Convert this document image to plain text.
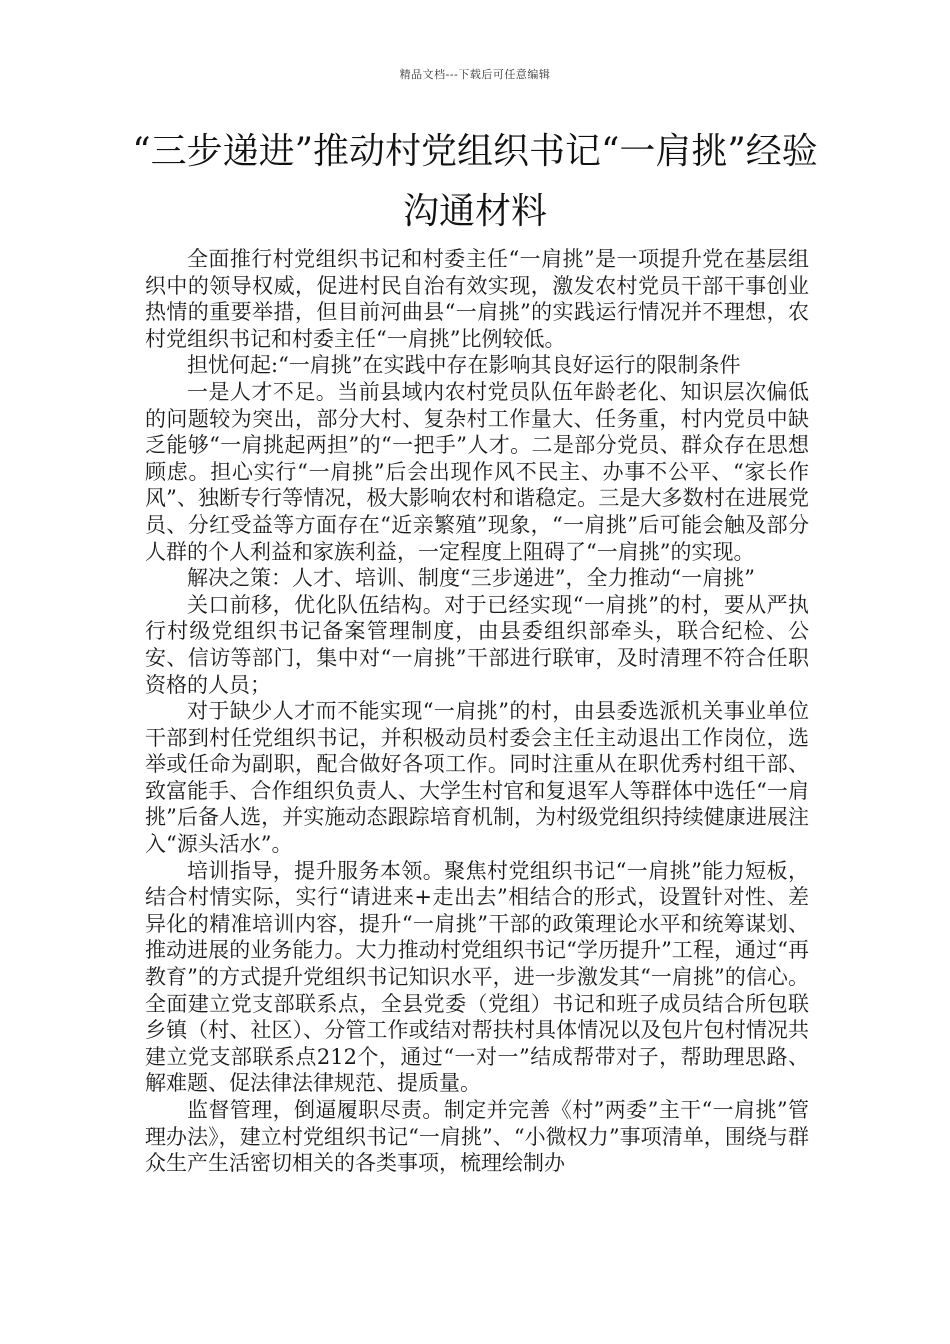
精品文档---下载后可任意编辑
“三步递进”推动村党组织书记“一肩挑”经验沟通材料

全面推行村党组织书记和村委主任“一肩挑”是一项提升党在基层组织中的领导权威，促进村民自治有效实现，激发农村党员干部干事创业热情的重要举措，但目前河曲县“一肩挑”的实践运行情况并不理想，农村党组织书记和村委主任“一肩挑”比例较低。

担忧何起:“一肩挑”在实践中存在影响其良好运行的限制条件

一是人才不足。当前县域内农村党员队伍年龄老化、知识层次偏低的问题较为突出，部分大村、复杂村工作量大、任务重，村内党员中缺乏能够“一肩挑起两担”的“一把手”人才。二是部分党员、群众存在思想顾虑。担心实行“一肩挑”后会出现作风不民主、办事不公平、“家长作风”、独断专行等情况，极大影响农村和谐稳定。三是大多数村在进展党员、分红受益等方面存在“近亲繁殖”现象，“一肩挑”后可能会触及部分人群的个人利益和家族利益，一定程度上阻碍了“一肩挑”的实现。

解决之策：人才、培训、制度“三步递进”，全力推动“一肩挑”

关口前移，优化队伍结构。对于已经实现“一肩挑”的村，要从严执行村级党组织书记备案管理制度，由县委组织部牵头，联合纪检、公安、信访等部门，集中对“一肩挑”干部进行联审，及时清理不符合任职资格的人员；

对于缺少人才而不能实现“一肩挑”的村，由县委选派机关事业单位干部到村任党组织书记，并积极动员村委会主任主动退出工作岗位，选举或任命为副职，配合做好各项工作。同时注重从在职优秀村组干部、致富能手、合作组织负责人、大学生村官和复退军人等群体中选任“一肩挑”后备人选，并实施动态跟踪培育机制，为村级党组织持续健康进展注入“源头活水”。

培训指导，提升服务本领。聚焦村党组织书记“一肩挑”能力短板，结合村情实际，实行“请进来+走出去”相结合的形式，设置针对性、差异化的精准培训内容，提升“一肩挑”干部的政策理论水平和统筹谋划、推动进展的业务能力。大力推动村党组织书记“学历提升”工程，通过“再教育”的方式提升党组织书记知识水平，进一步激发其“一肩挑”的信心。全面建立党支部联系点，全县党委（党组）书记和班子成员结合所包联乡镇（村、社区）、分管工作或结对帮扶村具体情况以及包片包村情况共建立党支部联系点212个，通过“一对一”结成帮带对子，帮助理思路、解难题、促法律法律规范、提质量。

监督管理，倒逼履职尽责。制定并完善《村”两委”主干“一肩挑”管理办法》，建立村党组织书记“一肩挑”、“小微权力”事项清单，围绕与群众生产生活密切相关的各类事项，梳理绘制办
